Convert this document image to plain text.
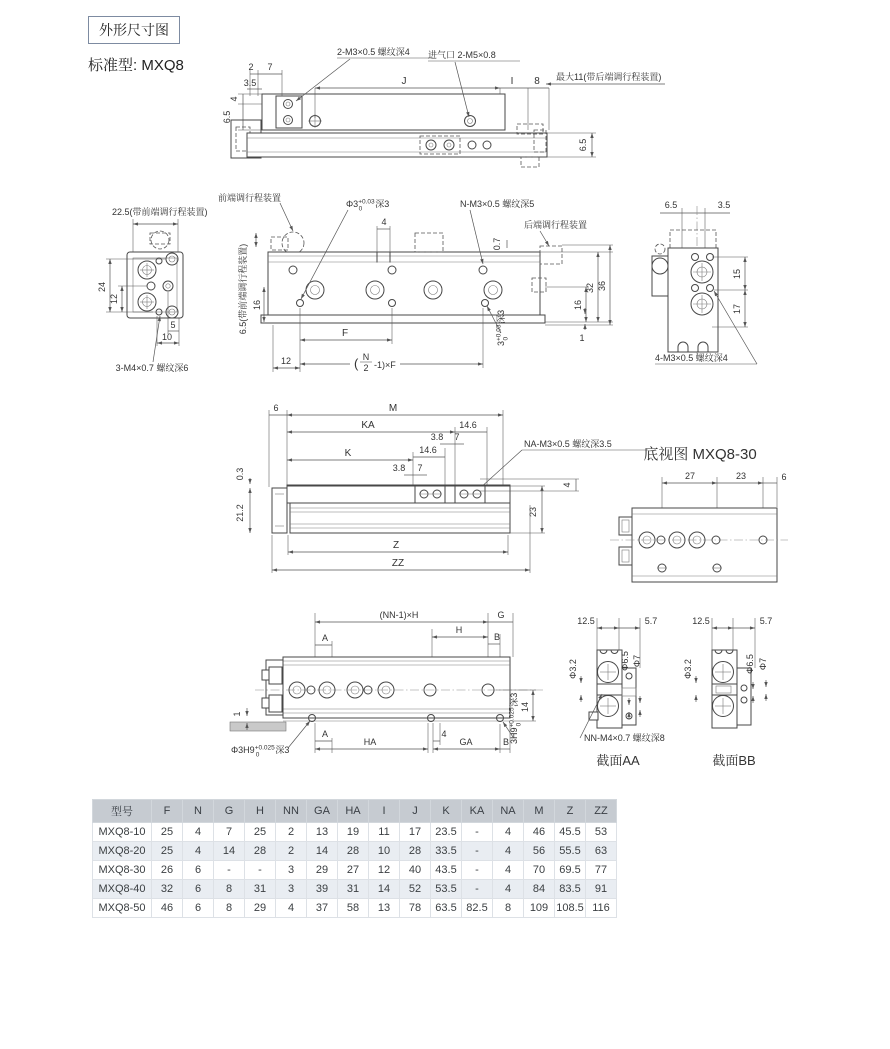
外形尺寸图
标准型: MXQ8
2-M3×0.5 螺纹深4 进气口 2-M5×0.8
最大11(带后端调行程装置)
2 7
3.5	J	I 8
4
6.5
6.5
22.5(带前端调行程装置)
24
12
5
10
3-M4×0.7 螺纹深6
前端调行程装置
$\Phi 3^{+0.03}$ 0 深3	N-M3×0.5 螺纹深5
后端调行程装置
4
0.7
6.5(带前端调行程装置) 16
F
12	( N
2 -1)×F
16
32 36
1
$3^{+0.03}0$深3
6.5	3.5
15
17
4-M3×0.5 螺纹深4
6	M
KA	14.6
3.8 7
K	14.6
3.8 7
NA-M3×0.5 螺纹深3.5
0.3
21.2
4
23
Z
ZZ
底视图 MXQ8-30
27	23	6
(NN-1)×H	G
H
B
A
14
1
A	4
HA	GA	B
$\Phi 3H9^{+0.025}$ 0 深3
$3H9^{+0.025}0$深3
12.5	5.7
Φ3.2	Φ6.5 Φ7
NN-M4×0.7 螺纹深8
截面AA
12.5	5.7
Φ3.2	Φ6.5 Φ7
截面BB
型号	F	N	G	H	NN	GA	HA	I	J	K	KA	NA	M	Z	ZZ
MXQ8-10	25	4	7	25	2	13	19	11	17	23.5	-	4	46	45.5	53
MXQ8-20	25	4	14	28	2	14	28	10	28	33.5	-	4	56	55.5	63
MXQ8-30	26	6	-	-	3	29	27	12	40	43.5	-	4	70	69.5	77
MXQ8-40	32	6	8	31	3	39	31	14	52	53.5	-	4	84	83.5	91
MXQ8-50	46	6	8	29	4	37	58	13	78	63.5	82.5	8	109	108.5	116
